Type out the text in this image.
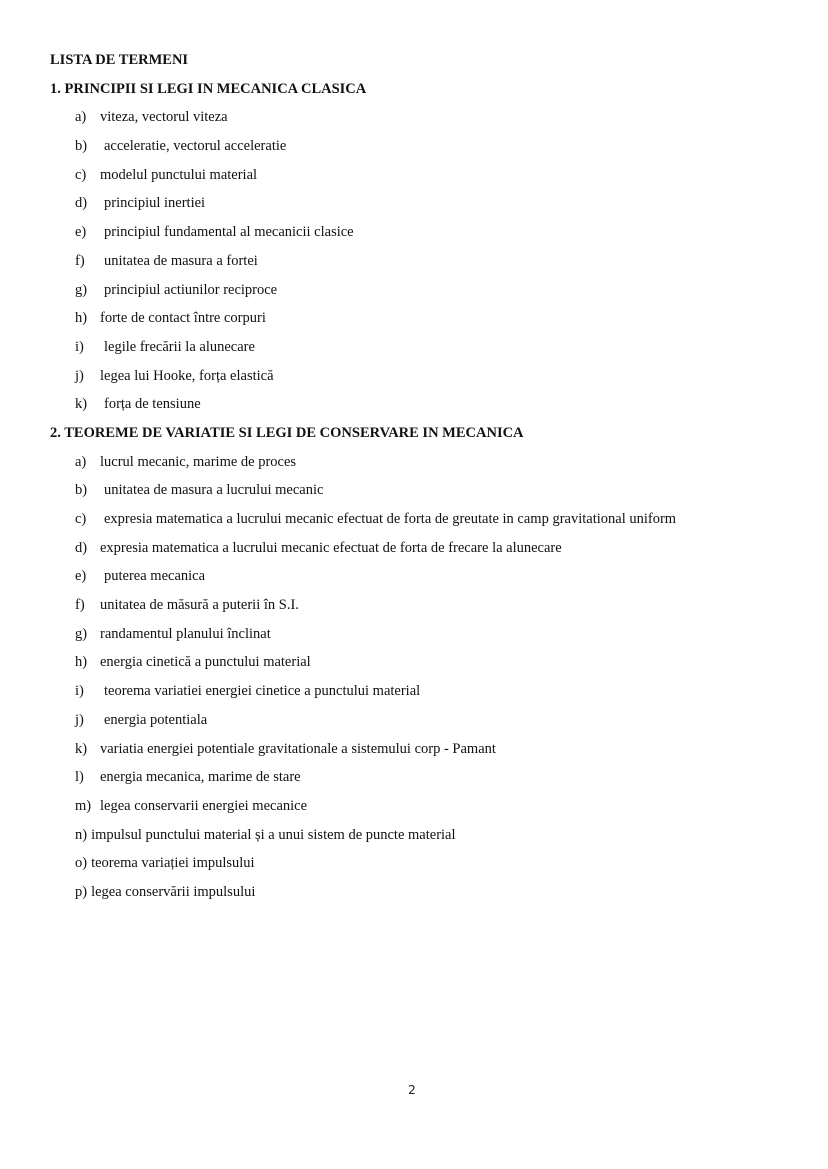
LISTA DE TERMENI
1. PRINCIPII SI LEGI IN MECANICA CLASICA
a) viteza, vectorul viteza
b)	acceleratie, vectorul acceleratie
c) modelul punctului material
d)	principiul inertiei
e)	principiul fundamental al mecanicii clasice
f)	unitatea de masura a fortei
g)	principiul actiunilor reciproce
h) forte de contact între corpuri
i)	legile frecării la alunecare
j)	legea lui Hooke, forța elastică
k)	forța de tensiune
2. TEOREME DE VARIATIE SI LEGI DE CONSERVARE IN MECANICA
a) lucrul mecanic, marime de proces
b)	unitatea de masura a lucrului mecanic
c)	expresia matematica a lucrului mecanic efectuat de forta de greutate in camp gravitational uniform
d) expresia matematica a lucrului mecanic efectuat de forta de frecare la alunecare
e)	puterea mecanica
f)	unitatea de măsură a puterii în S.I.
g) randamentul planului înclinat
h) energia cinetică a punctului material
i)	teorema variatiei energiei cinetice a punctului material
j)	energia potentiala
k) variatia energiei potentiale gravitationale a sistemului corp - Pamant
l)	energia mecanica, marime de stare
m) legea conservarii energiei mecanice
n) impulsul punctului material și a unui sistem de puncte material
o) teorema variației impulsului
p) legea conservării impulsului
2
